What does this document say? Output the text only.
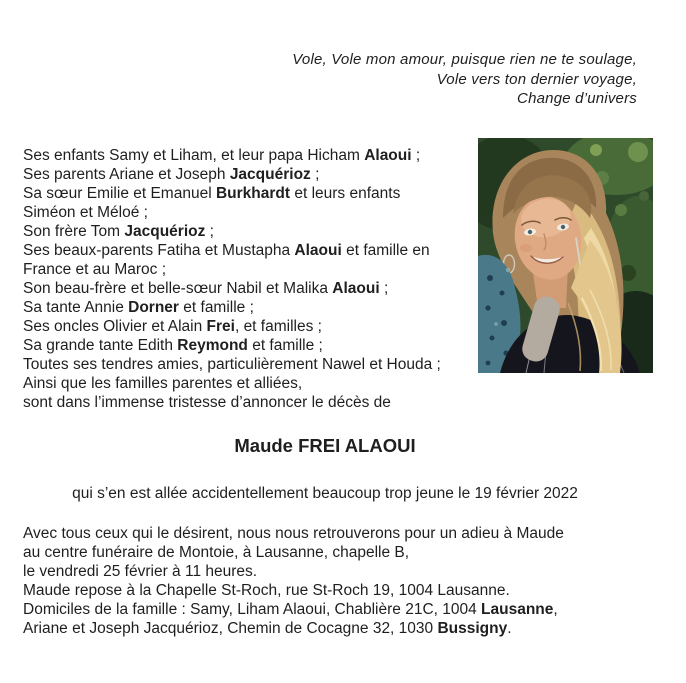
Vole, Vole mon amour, puisque rien ne te soulage,
Vole vers ton dernier voyage,
Change d’univers
Ses enfants Samy et Liham, et leur papa Hicham Alaoui ;
Ses parents Ariane et Joseph Jacquérioz ;
Sa sœur Emilie et Emanuel Burkhardt et leurs enfants
Siméon et Méloé ;
Son frère Tom Jacquérioz ;
Ses beaux-parents Fatiha et Mustapha Alaoui et famille en
France et au Maroc ;
Son beau-frère et belle-sœur Nabil et Malika Alaoui ;
Sa tante Annie Dorner et famille ;
Ses oncles Olivier et Alain Frei, et familles ;
Sa grande tante Edith Reymond et famille ;
Toutes ses tendres amies, particulièrement Nawel et Houda ;
Ainsi que les familles parentes et alliées,
sont dans l’immense tristesse d’annoncer le décès de
Maude FREI ALAOUI
qui s’en est allée accidentellement beaucoup trop jeune le 19 février 2022
Avec tous ceux qui le désirent, nous nous retrouverons pour un adieu à Maude
au centre funéraire de Montoie, à Lausanne, chapelle B,
le vendredi 25 février à 11 heures.
Maude repose à la Chapelle St-Roch, rue St-Roch 19, 1004 Lausanne.
Domiciles de la famille : Samy, Liham Alaoui, Chablière 21C, 1004 Lausanne,
Ariane et Joseph Jacquérioz, Chemin de Cocagne 32, 1030 Bussigny.
